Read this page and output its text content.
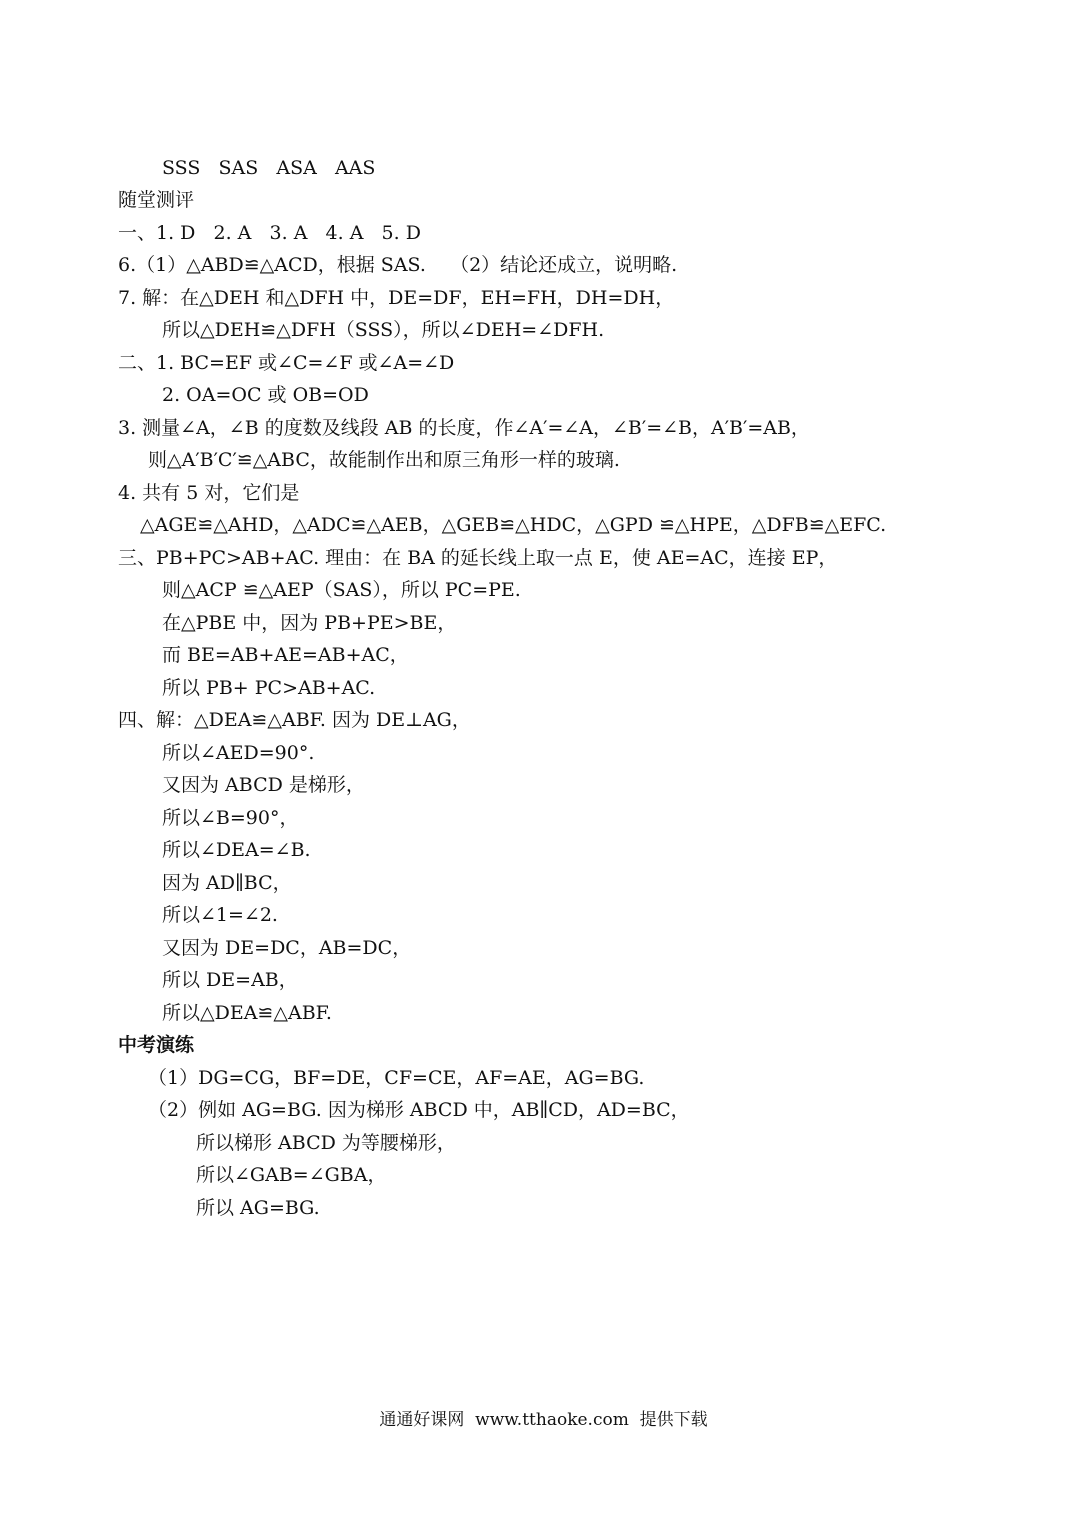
SSS   SAS   ASA   AAS
随堂测评
一、1. D   2. A   3. A   4. A   5. D
6.（1）△ABD≌△ACD，根据 SAS.    （2）结论还成立，说明略.
7. 解：在△DEH 和△DFH 中，DE=DF，EH=FH，DH=DH，
所以△DEH≌△DFH（SSS），所以∠DEH=∠DFH.
二、1. BC=EF 或∠C=∠F 或∠A=∠D
2. OA=OC 或 OB=OD
3. 测量∠A，∠B 的度数及线段 AB 的长度，作∠A′=∠A，∠B′=∠B，A′B′=AB，
则△A′B′C′≌△ABC，故能制作出和原三角形一样的玻璃.
4. 共有 5 对，它们是
△AGE≌△AHD，△ADC≌△AEB，△GEB≌△HDC，△GPD ≌△HPE，△DFB≌△EFC.
三、PB+PC>AB+AC. 理由：在 BA 的延长线上取一点 E，使 AE=AC，连接 EP，
则△ACP ≌△AEP（SAS），所以 PC=PE.
在△PBE 中，因为 PB+PE>BE，
而 BE=AB+AE=AB+AC，
所以 PB+ PC>AB+AC.
四、解：△DEA≌△ABF. 因为 DE⊥AG，
所以∠AED=90°.
又因为 ABCD 是梯形，
所以∠B=90°，
所以∠DEA=∠B.
因为 AD∥BC，
所以∠1=∠2.
又因为 DE=DC，AB=DC，
所以 DE=AB，
所以△DEA≌△ABF.
中考演练
（1）DG=CG，BF=DE，CF=CE，AF=AE，AG=BG.
（2）例如 AG=BG. 因为梯形 ABCD 中，AB∥CD，AD=BC，
所以梯形 ABCD 为等腰梯形，
所以∠GAB=∠GBA，
所以 AG=BG.
通通好课网  www.tthaoke.com  提供下载
